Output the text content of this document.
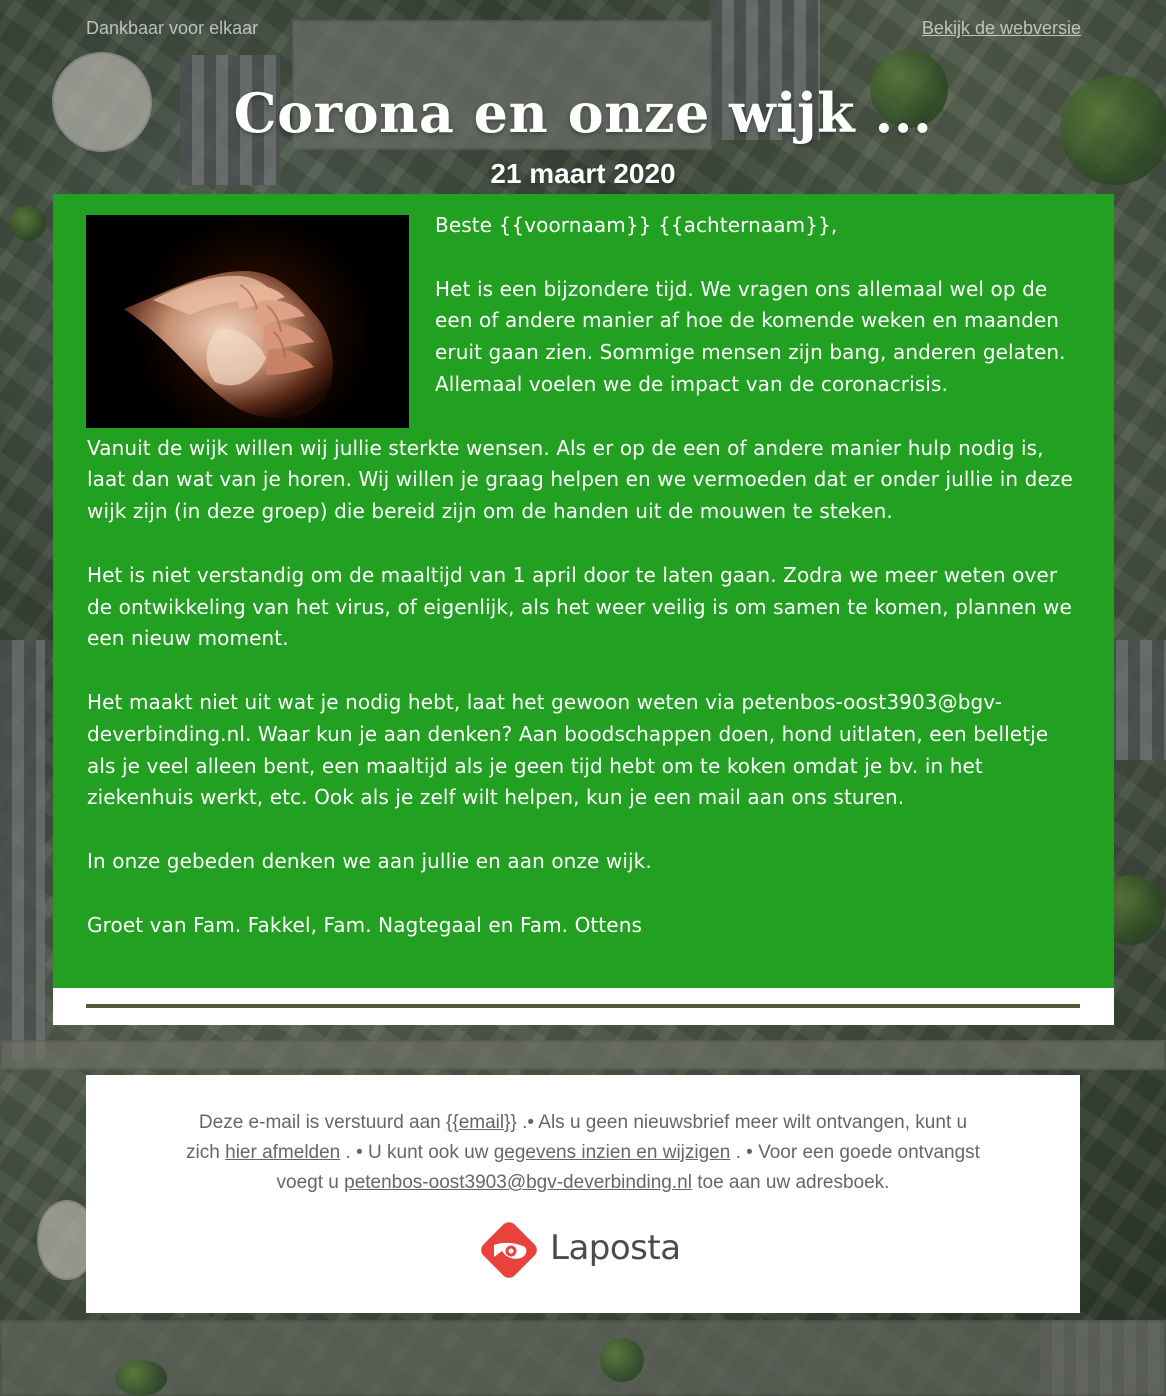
Dankbaar voor elkaar	Bekijk de webversie
Corona en onze wijk ...
21 maart 2020

Beste {{voornaam}} {{achternaam}},

Het is een bijzondere tijd. We vragen ons allemaal wel op de een of andere manier af hoe de komende weken en maanden eruit gaan zien. Sommige mensen zijn bang, anderen gelaten. Allemaal voelen we de impact van de coronacrisis.

Vanuit de wijk willen wij jullie sterkte wensen. Als er op de een of andere manier hulp nodig is, laat dan wat van je horen. Wij willen je graag helpen en we vermoeden dat er onder jullie in deze wijk zijn (in deze groep) die bereid zijn om de handen uit de mouwen te steken.

Het is niet verstandig om de maaltijd van 1 april door te laten gaan. Zodra we meer weten over de ontwikkeling van het virus, of eigenlijk, als het weer veilig is om samen te komen, plannen we een nieuw moment.

Het maakt niet uit wat je nodig hebt, laat het gewoon weten via petenbos-oost3903@bgv-deverbinding.nl. Waar kun je aan denken? Aan boodschappen doen, hond uitlaten, een belletje als je veel alleen bent, een maaltijd als je geen tijd hebt om te koken omdat je bv. in het ziekenhuis werkt, etc. Ook als je zelf wilt helpen, kun je een mail aan ons sturen.

In onze gebeden denken we aan jullie en aan onze wijk.

Groet van Fam. Fakkel, Fam. Nagtegaal en Fam. Ottens

Deze e-mail is verstuurd aan {{email}} .• Als u geen nieuwsbrief meer wilt ontvangen, kunt u zich hier afmelden . • U kunt ook uw gegevens inzien en wijzigen . • Voor een goede ontvangst voegt u petenbos-oost3903@bgv-deverbinding.nl toe aan uw adresboek.
Laposta
